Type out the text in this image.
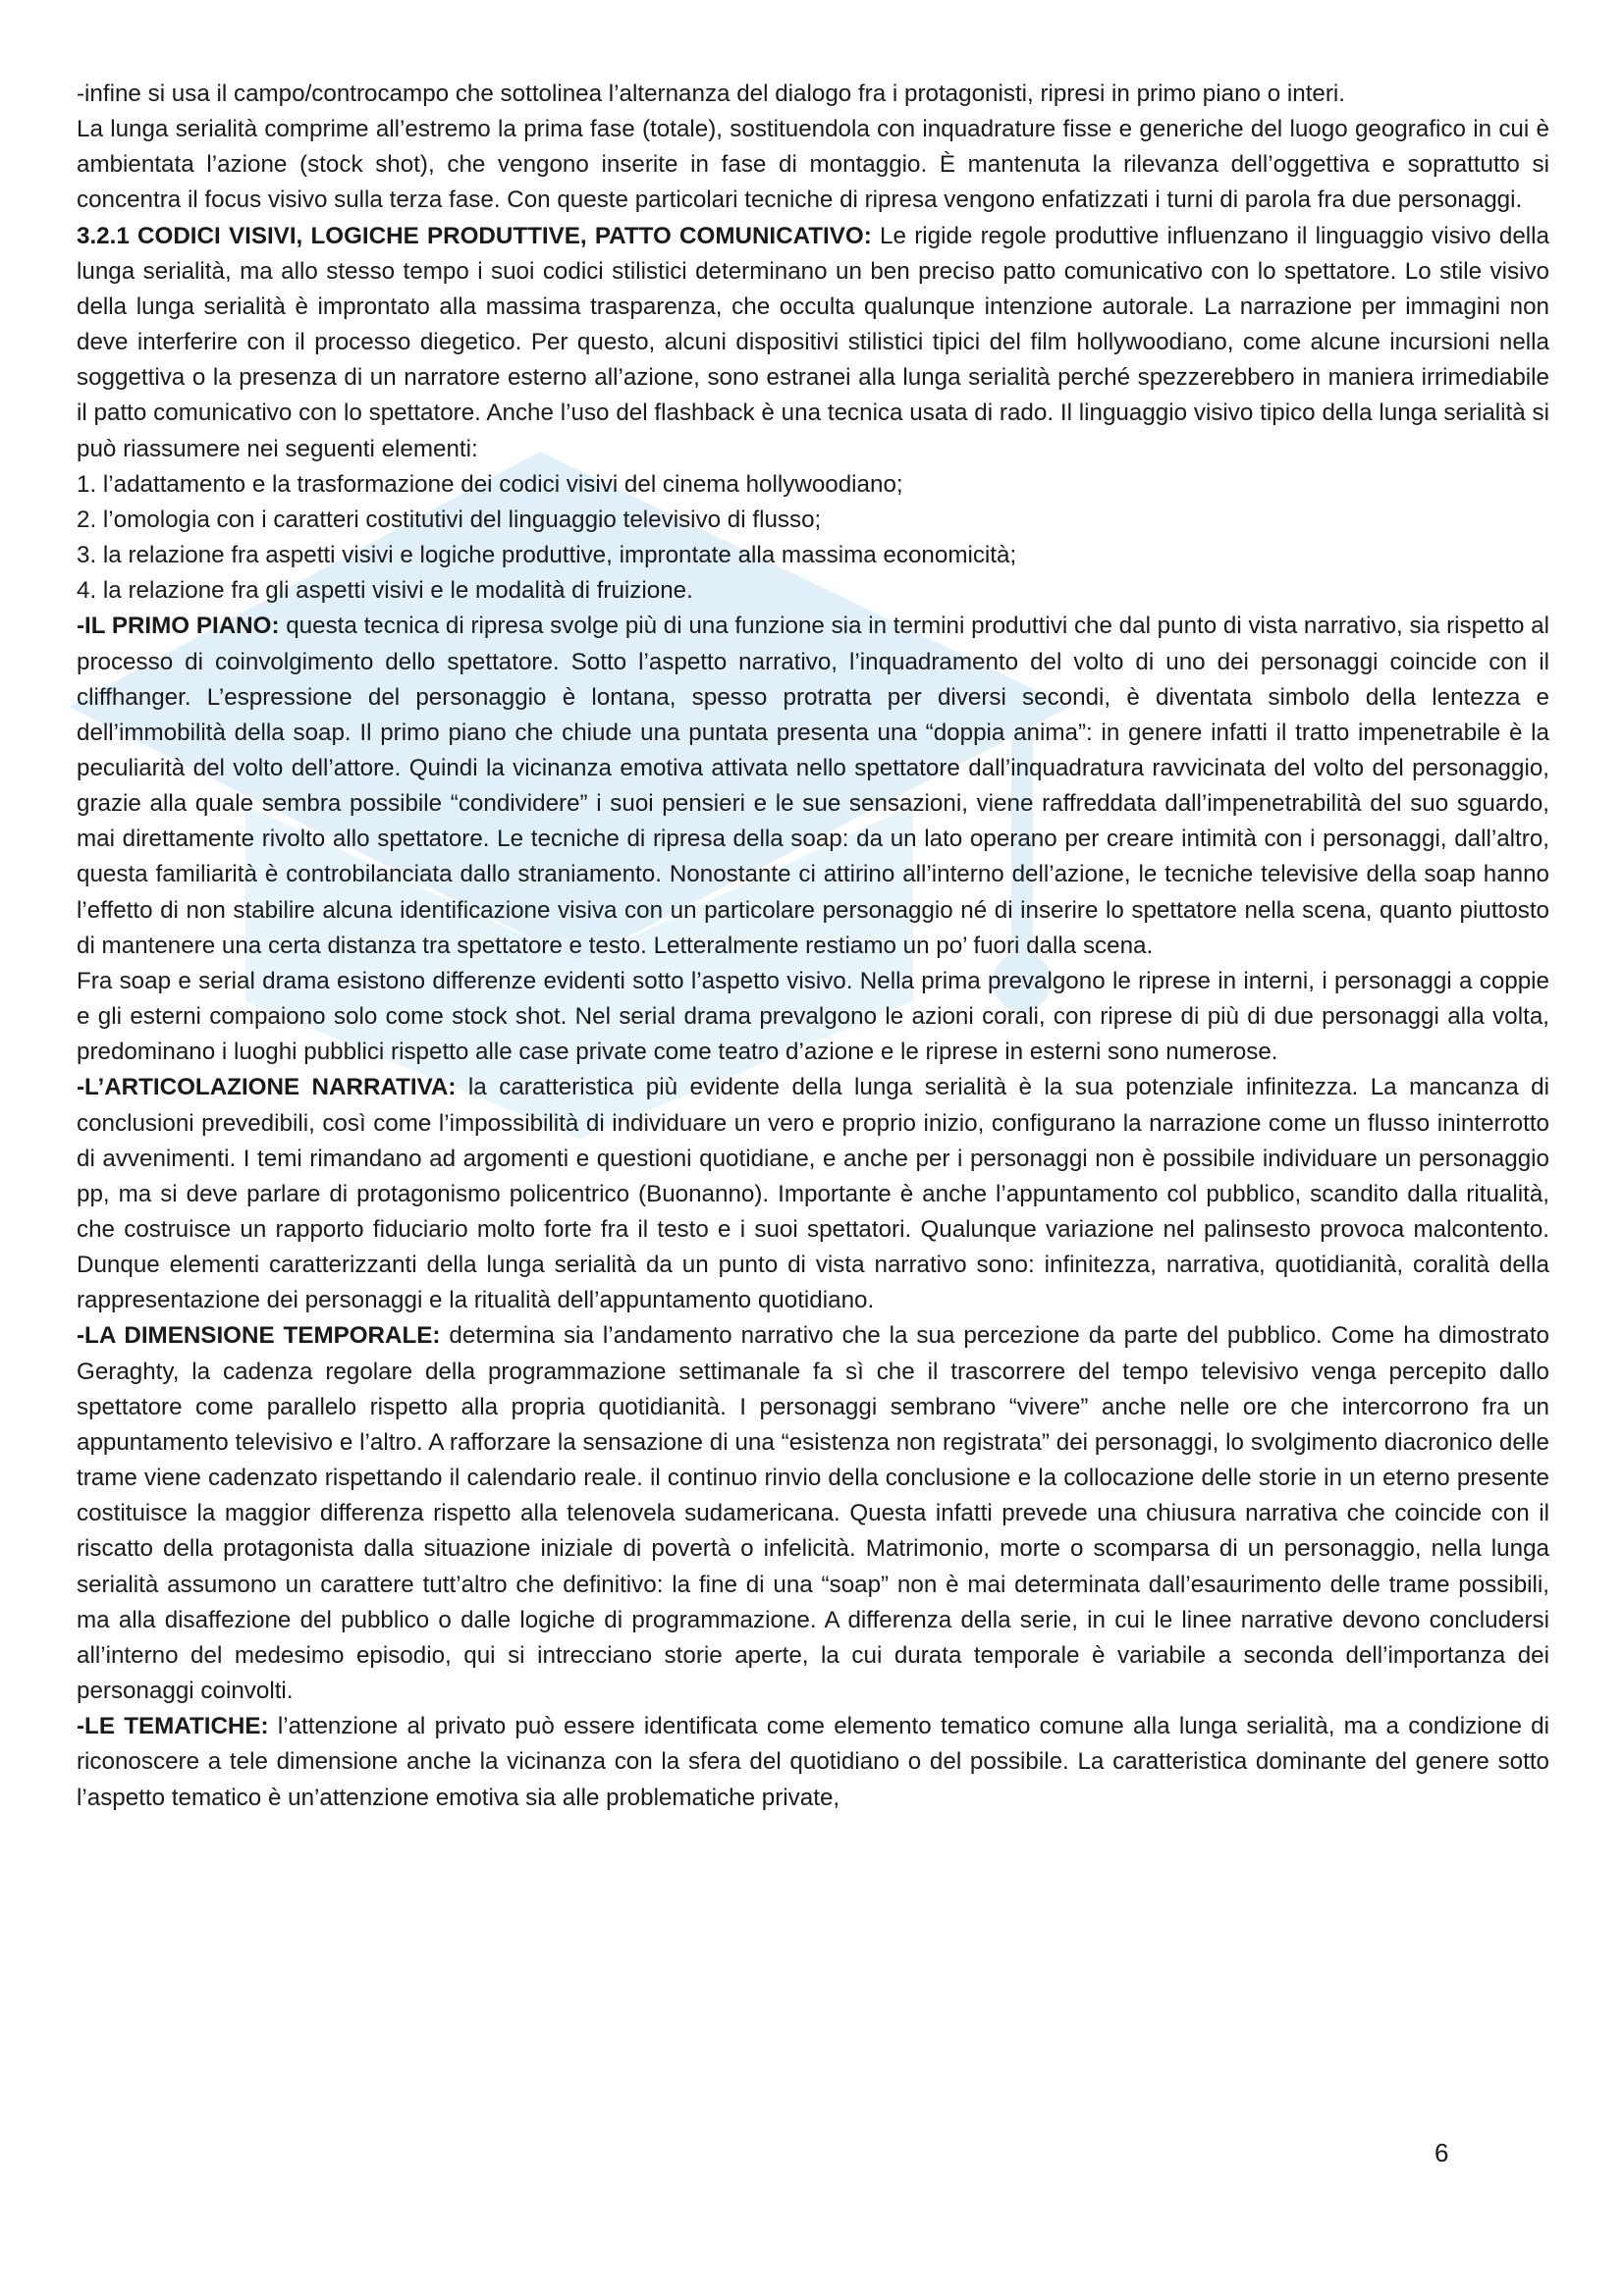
-infine si usa il campo/controcampo che sottolinea l’alternanza del dialogo fra i protagonisti, ripresi in primo piano o interi.

La lunga serialità comprime all’estremo la prima fase (totale), sostituendola con inquadrature fisse e generiche del luogo geografico in cui è ambientata l’azione (stock shot), che vengono inserite in fase di montaggio. È mantenuta la rilevanza dell’oggettiva e soprattutto si concentra il focus visivo sulla terza fase. Con queste particolari tecniche di ripresa vengono enfatizzati i turni di parola fra due personaggi.

3.2.1 CODICI VISIVI, LOGICHE PRODUTTIVE, PATTO COMUNICATIVO: Le rigide regole produttive influenzano il linguaggio visivo della lunga serialità, ma allo stesso tempo i suoi codici stilistici determinano un ben preciso patto comunicativo con lo spettatore. Lo stile visivo della lunga serialità è improntato alla massima trasparenza, che occulta qualunque intenzione autorale. La narrazione per immagini non deve interferire con il processo diegetico. Per questo, alcuni dispositivi stilistici tipici del film hollywoodiano, come alcune incursioni nella soggettiva o la presenza di un narratore esterno all’azione, sono estranei alla lunga serialità perché spezzerebbero in maniera irrimediabile il patto comunicativo con lo spettatore. Anche l’uso del flashback è una tecnica usata di rado. Il linguaggio visivo tipico della lunga serialità si può riassumere nei seguenti elementi:

1. l’adattamento e la trasformazione dei codici visivi del cinema hollywoodiano;

2. l’omologia con i caratteri costitutivi del linguaggio televisivo di flusso;

3. la relazione fra aspetti visivi e logiche produttive, improntate alla massima economicità;

4. la relazione fra gli aspetti visivi e le modalità di fruizione.

-IL PRIMO PIANO: questa tecnica di ripresa svolge più di una funzione sia in termini produttivi che dal punto di vista narrativo, sia rispetto al processo di coinvolgimento dello spettatore. Sotto l’aspetto narrativo, l’inquadramento del volto di uno dei personaggi coincide con il cliffhanger. L’espressione del personaggio è lontana, spesso protratta per diversi secondi, è diventata simbolo della lentezza e dell’immobilità della soap. Il primo piano che chiude una puntata presenta una “doppia anima”: in genere infatti il tratto impenetrabile è la peculiarità del volto dell’attore. Quindi la vicinanza emotiva attivata nello spettatore dall’inquadratura ravvicinata del volto del personaggio, grazie alla quale sembra possibile “condividere” i suoi pensieri e le sue sensazioni, viene raffreddata dall’impenetrabilità del suo sguardo, mai direttamente rivolto allo spettatore. Le tecniche di ripresa della soap: da un lato operano per creare intimità con i personaggi, dall’altro, questa familiarità è controbilanciata dallo straniamento. Nonostante ci attirino all’interno dell’azione, le tecniche televisive della soap hanno l’effetto di non stabilire alcuna identificazione visiva con un particolare personaggio né di inserire lo spettatore nella scena, quanto piuttosto di mantenere una certa distanza tra spettatore e testo. Letteralmente restiamo un po’ fuori dalla scena.

Fra soap e serial drama esistono differenze evidenti sotto l’aspetto visivo. Nella prima prevalgono le riprese in interni, i personaggi a coppie e gli esterni compaiono solo come stock shot. Nel serial drama prevalgono le azioni corali, con riprese di più di due personaggi alla volta, predominano i luoghi pubblici rispetto alle case private come teatro d’azione e le riprese in esterni sono numerose.

-L’ARTICOLAZIONE NARRATIVA: la caratteristica più evidente della lunga serialità è la sua potenziale infinitezza. La mancanza di conclusioni prevedibili, così come l’impossibilità di individuare un vero e proprio inizio, configurano la narrazione come un flusso ininterrotto di avvenimenti. I temi rimandano ad argomenti e questioni quotidiane, e anche per i personaggi non è possibile individuare un personaggio pp, ma si deve parlare di protagonismo policentrico (Buonanno). Importante è anche l’appuntamento col pubblico, scandito dalla ritualità, che costruisce un rapporto fiduciario molto forte fra il testo e i suoi spettatori. Qualunque variazione nel palinsesto provoca malcontento. Dunque elementi caratterizzanti della lunga serialità da un punto di vista narrativo sono: infinitezza, narrativa, quotidianità, coralità della rappresentazione dei personaggi e la ritualità dell’appuntamento quotidiano.

-LA DIMENSIONE TEMPORALE: determina sia l’andamento narrativo che la sua percezione da parte del pubblico. Come ha dimostrato Geraghty, la cadenza regolare della programmazione settimanale fa sì che il trascorrere del tempo televisivo venga percepito dallo spettatore come parallelo rispetto alla propria quotidianità. I personaggi sembrano “vivere” anche nelle ore che intercorrono fra un appuntamento televisivo e l’altro. A rafforzare la sensazione di una “esistenza non registrata” dei personaggi, lo svolgimento diacronico delle trame viene cadenzato rispettando il calendario reale. il continuo rinvio della conclusione e la collocazione delle storie in un eterno presente costituisce la maggior differenza rispetto alla telenovela sudamericana. Questa infatti prevede una chiusura narrativa che coincide con il riscatto della protagonista dalla situazione iniziale di povertà o infelicità. Matrimonio, morte o scomparsa di un personaggio, nella lunga serialità assumono un carattere tutt’altro che definitivo: la fine di una “soap” non è mai determinata dall’esaurimento delle trame possibili, ma alla disaffezione del pubblico o dalle logiche di programmazione. A differenza della serie, in cui le linee narrative devono concludersi all’interno del medesimo episodio, qui si intrecciano storie aperte, la cui durata temporale è variabile a seconda dell’importanza dei personaggi coinvolti.

-LE TEMATICHE: l’attenzione al privato può essere identificata come elemento tematico comune alla lunga serialità, ma a condizione di riconoscere a tele dimensione anche la vicinanza con la sfera del quotidiano o del possibile. La caratteristica dominante del genere sotto l’aspetto tematico è un’attenzione emotiva sia alle problematiche private,

6
